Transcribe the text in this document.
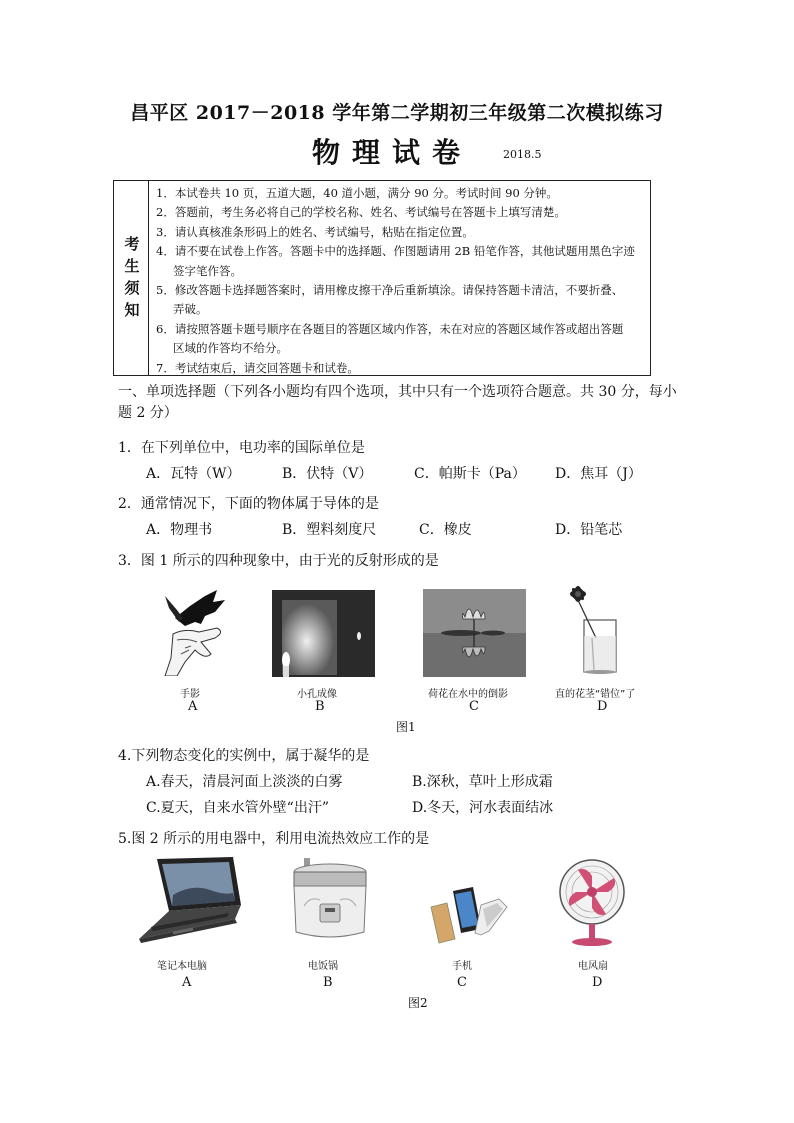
昌平区 2017－2018 学年第二学期初三年级第二次模拟练习
物理试卷	2018.5
考
生
须
知
1．本试卷共 10 页，五道大题，40 道小题，满分 90 分。考试时间 90 分钟。
2．答题前，考生务必将自己的学校名称、姓名、考试编号在答题卡上填写清楚。
3．请认真核准条形码上的姓名、考试编号，粘贴在指定位置。
4．请不要在试卷上作答。答题卡中的选择题、作图题请用 2B 铅笔作答，其他试题用黑色字迹
签字笔作答。
5．修改答题卡选择题答案时，请用橡皮擦干净后重新填涂。请保持答题卡清洁，不要折叠、
弄破。
6．请按照答题卡题号顺序在各题目的答题区域内作答，未在对应的答题区域作答或超出答题
区域的作答均不给分。
7．考试结束后，请交回答题卡和试卷。
一、单项选择题（下列各小题均有四个选项，其中只有一个选项符合题意。共 30 分，每小
题 2 分）
1．在下列单位中，电功率的国际单位是
A．瓦特（W）	B．伏特（V）	C．帕斯卡（Pa） D．焦耳（J）
2．通常情况下，下面的物体属于导体的是
A．物理书	B．塑料刻度尺	C．橡皮	D．铅笔芯
3．图 1 所示的四种现象中，由于光的反射形成的是
手影
A
小孔成像
B
荷花在水中的倒影
C
直的花茎“错位”了
D
图1
4.下列物态变化的实例中，属于凝华的是
A.春天，清晨河面上淡淡的白雾	B.深秋，草叶上形成霜
C.夏天，自来水管外壁“出汗”	D.冬天，河水表面结冰
5.图 2 所示的用电器中，利用电流热效应工作的是
笔记本电脑
A
电饭锅
B
手机
C
电风扇
D
图2
